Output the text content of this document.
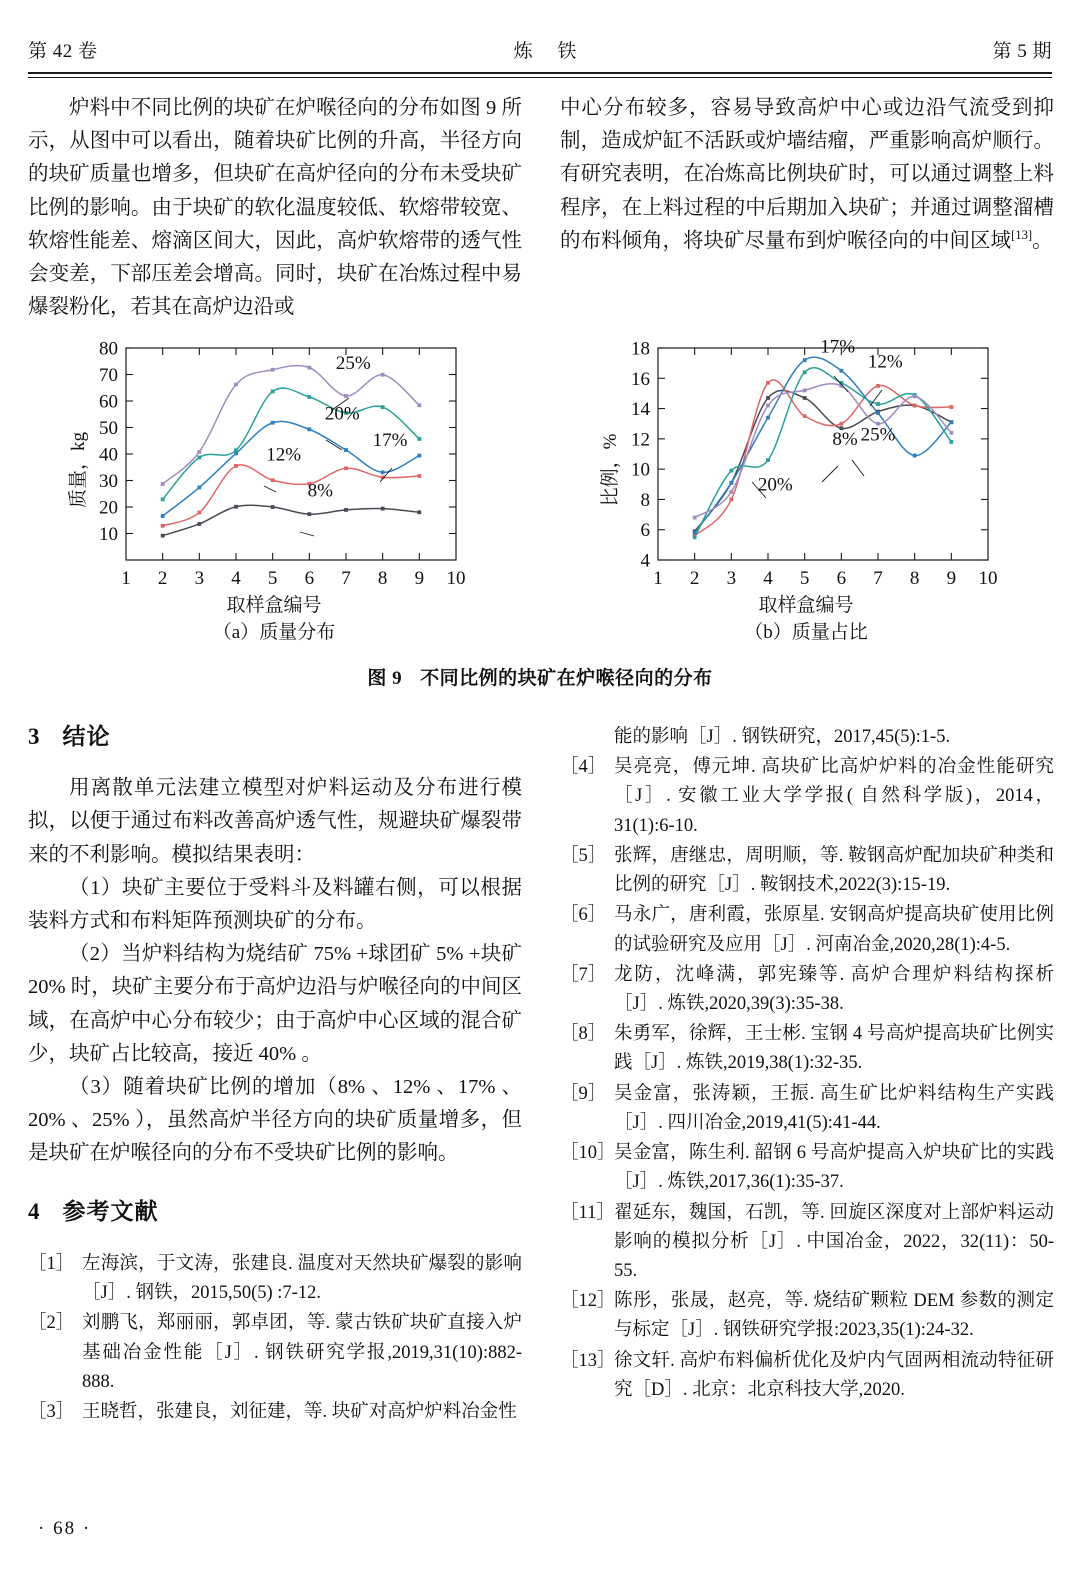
第 42 卷	炼 铁	第 5 期

炉料中不同比例的块矿在炉喉径向的分布如图 9 所示，从图中可以看出，随着块矿比例的升高，半径方向的块矿质量也增多，但块矿在高炉径向的分布未受块矿比例的影响。由于块矿的软化温度较低、软熔带较宽、软熔性能差、熔滴区间大，因此，高炉软熔带的透气性会变差，下部压差会增高。同时，块矿在冶炼过程中易爆裂粉化，若其在高炉边沿或

中心分布较多，容易导致高炉中心或边沿气流受到抑制，造成炉缸不活跃或炉墙结瘤，严重影响高炉顺行。有研究表明，在冶炼高比例块矿时，可以通过调整上料程序，在上料过程的中后期加入块矿；并通过调整溜槽的布料倾角，将块矿尽量布到炉喉径向的中间区域[13]。

10
20
30
40
50
60
70
80
1 2 3 4 5 6 7 8 9 10
质量，kg
25%
20%
17%
12%
8%
取样盒编号
（a）质量分布
4
6
8
10
12
14
16
18
1 2 3 4 5 6 7 8 9 10
比例，%
17%
12%
25%
8%
20%
取样盒编号
（b）质量占比
图 9 不同比例的块矿在炉喉径向的分布
3 结论

用离散单元法建立模型对炉料运动及分布进行模拟，以便于通过布料改善高炉透气性，规避块矿爆裂带来的不利影响。模拟结果表明：

（1）块矿主要位于受料斗及料罐右侧，可以根据装料方式和布料矩阵预测块矿的分布。

（2）当炉料结构为烧结矿 75% +球团矿 5% +块矿 20% 时，块矿主要分布于高炉边沿与炉喉径向的中间区域，在高炉中心分布较少；由于高炉中心区域的混合矿少，块矿占比较高，接近 40% 。

（3）随着块矿比例的增加（8% 、12% 、17% 、20% 、25% ），虽然高炉半径方向的块矿质量增多，但是块矿在炉喉径向的分布不受块矿比例的影响。

4 参考文献
［1］ 左海滨，于文涛，张建良. 温度对天然块矿爆裂的影响［J］. 钢铁，2015,50(5) :7-12.
［2］ 刘鹏飞，郑丽丽，郭卓团，等. 蒙古铁矿块矿直接入炉基础冶金性能［J］. 钢铁研究学报,2019,31(10):882-888.
［3］ 王晓哲，张建良，刘征建，等. 块矿对高炉炉料冶金性
能的影响［J］. 钢铁研究，2017,45(5):1-5.
［4］ 吴亮亮，傅元坤. 高块矿比高炉炉料的冶金性能研究［J］. 安徽工业大学学报( 自然科学版)，2014，31(1):6-10.
［5］ 张辉，唐继忠，周明顺，等. 鞍钢高炉配加块矿种类和比例的研究［J］. 鞍钢技术,2022(3):15-19.
［6］ 马永广，唐利霞，张原星. 安钢高炉提高块矿使用比例的试验研究及应用［J］. 河南冶金,2020,28(1):4-5.
［7］ 龙防，沈峰满，郭宪臻等. 高炉合理炉料结构探析［J］. 炼铁,2020,39(3):35-38.
［8］ 朱勇军，徐辉，王士彬. 宝钢 4 号高炉提高块矿比例实践［J］. 炼铁,2019,38(1):32-35.
［9］ 吴金富，张涛颖，王振. 高生矿比炉料结构生产实践［J］. 四川冶金,2019,41(5):41-44.
［10］
吴金富，陈生利. 韶钢 6 号高炉提高入炉块矿比的实践［J］. 炼铁,2017,36(1):35-37.
［11］ 翟延东，魏国，石凯，等. 回旋区深度对上部炉料运动影响的模拟分析［J］. 中国冶金，2022，32(11)：50-55.
［12］
陈彤，张晟，赵亮，等. 烧结矿颗粒 DEM 参数的测定与标定［J］. 钢铁研究学报:2023,35(1):24-32.
［13］
徐文轩. 高炉布料偏析优化及炉内气固两相流动特征研究［D］. 北京：北京科技大学,2020.
· 68 ·
